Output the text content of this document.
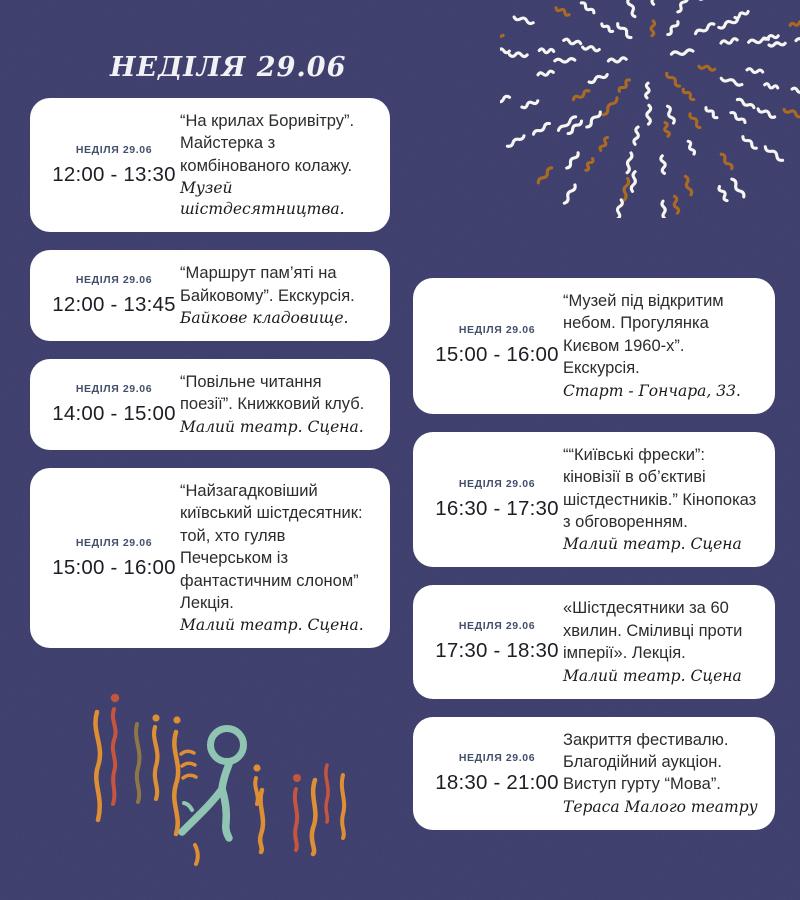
НЕДІЛЯ 29.06
НЕДІЛЯ 29.06
12:00 - 13:30

“На крилах Боривітру”. Майстерка з комбінованого колажу.

Музей шістдесятництва.

НЕДІЛЯ 29.06
12:00 - 13:45

“Маршрут пам’яті на Байковому”. Екскурсія.

Байкове кладовище.

НЕДІЛЯ 29.06
14:00 - 15:00

“Повільне читання поезії”. Книжковий клуб.

Малий театр. Сцена.

НЕДІЛЯ 29.06
15:00 - 16:00

“Найзагадковіший київський шістдесятник: той, хто гуляв Печерськом із фантастичним слоном” Лекція.

Малий театр. Сцена.

НЕДІЛЯ 29.06
15:00 - 16:00

“Музей під відкритим небом. Прогулянка Києвом 1960-х”. Екскурсія.

Старт - Гончара, 33.

НЕДІЛЯ 29.06
16:30 - 17:30

““Київські фрески”: кіновізії в об’єктиві шістдестників.” Кінопоказ з обговоренням.

Малий театр. Сцена

НЕДІЛЯ 29.06
17:30 - 18:30

«Шістдесятники за 60 хвилин. Сміливці проти імперії». Лекція.

Малий театр. Сцена

НЕДІЛЯ 29.06
18:30 - 21:00

Закриття фестивалю. Благодійний аукціон. Виступ гурту “Мова”.

Тераса Малого театру
